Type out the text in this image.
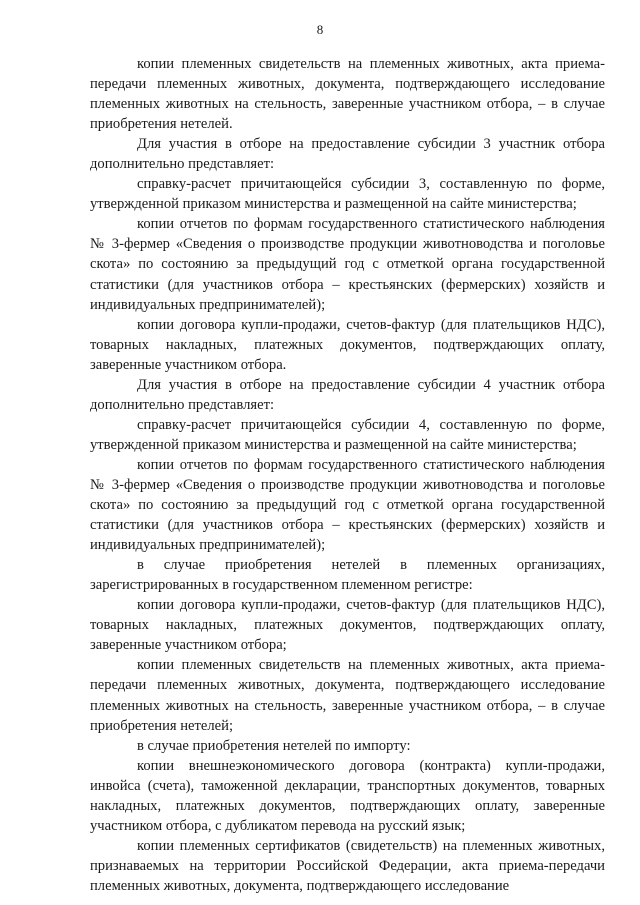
8

копии племенных свидетельств на племенных животных, акта приема-передачи племенных животных, документа, подтверждающего исследование племенных животных на стельность, заверенные участником отбора, – в случае приобретения нетелей.

Для участия в отборе на предоставление субсидии 3 участник отбора дополнительно представляет:

справку-расчет причитающейся субсидии 3, составленную по форме, утвержденной приказом министерства и размещенной на сайте министерства;

копии отчетов по формам государственного статистического наблюдения № 3-фермер «Сведения о производстве продукции животноводства и поголовье скота» по состоянию за предыдущий год с отметкой органа государственной статистики (для участников отбора – крестьянских (фермерских) хозяйств и индивидуальных предпринимателей);

копии договора купли-продажи, счетов-фактур (для плательщиков НДС), товарных накладных, платежных документов, подтверждающих оплату, заверенные участником отбора.

Для участия в отборе на предоставление субсидии 4 участник отбора дополнительно представляет:

справку-расчет причитающейся субсидии 4, составленную по форме, утвержденной приказом министерства и размещенной на сайте министерства;

копии отчетов по формам государственного статистического наблюдения № 3-фермер «Сведения о производстве продукции животноводства и поголовье скота» по состоянию за предыдущий год с отметкой органа государственной статистики (для участников отбора – крестьянских (фермерских) хозяйств и индивидуальных предпринимателей);

в случае приобретения нетелей в племенных организациях, зарегистрированных в государственном племенном регистре:

копии договора купли-продажи, счетов-фактур (для плательщиков НДС), товарных накладных, платежных документов, подтверждающих оплату, заверенные участником отбора;

копии племенных свидетельств на племенных животных, акта приема-передачи племенных животных, документа, подтверждающего исследование племенных животных на стельность, заверенные участником отбора, – в случае приобретения нетелей;

в случае приобретения нетелей по импорту:

копии внешнеэкономического договора (контракта) купли-продажи, инвойса (счета), таможенной декларации, транспортных документов, товарных накладных, платежных документов, подтверждающих оплату, заверенные участником отбора, с дубликатом перевода на русский язык;

копии племенных сертификатов (свидетельств) на племенных животных, признаваемых на территории Российской Федерации, акта приема-передачи племенных животных, документа, подтверждающего исследование
